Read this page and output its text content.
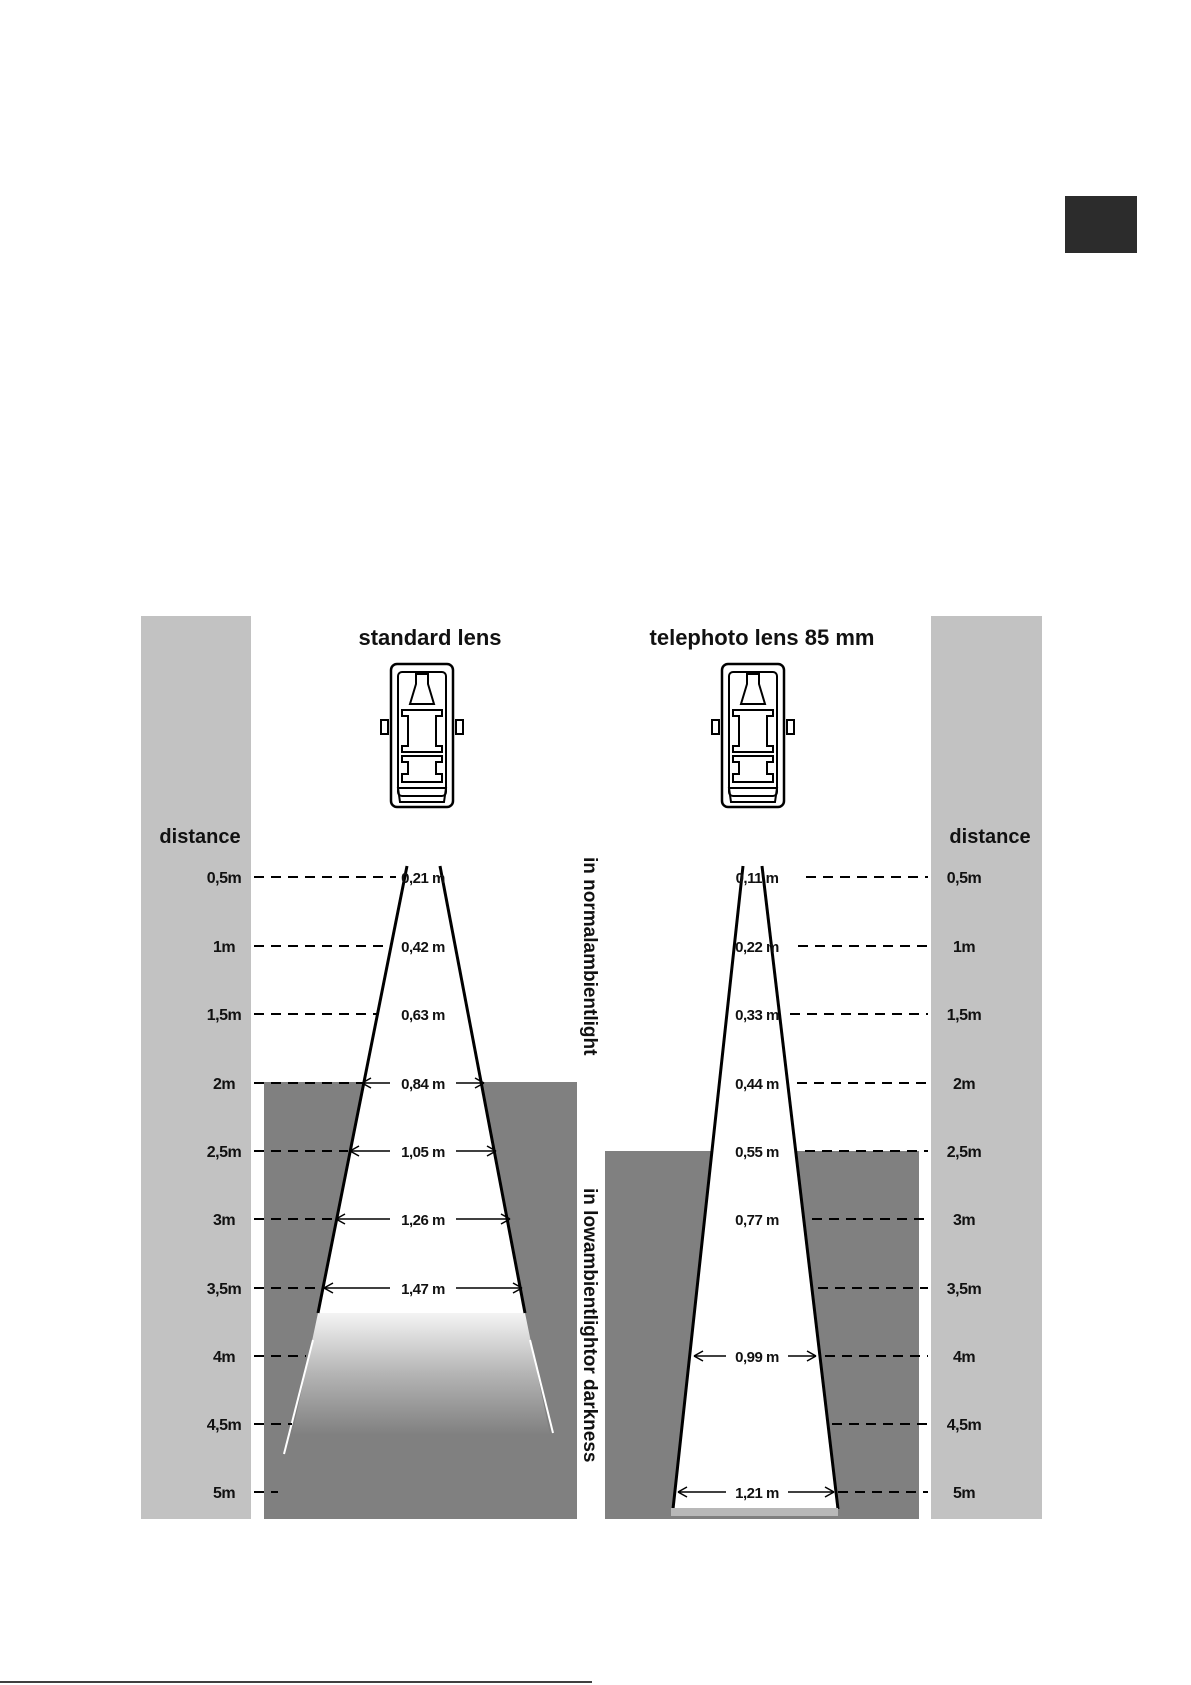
standard lens	telephoto lens 85 mm
distance	distance
0,5m	0,5m
1m	1m
1,5m	1,5m
2m	2m
2,5m	2,5m
3m	3m
3,5m	3,5m
4m	4m
4,5m	4,5m
5m	5m
0,21 m
0,42 m
0,63 m
0,84 m
1,05 m
1,26 m
1,47 m
0,11 m
0,22 m
0,33 m
0,44 m
0,55 m
0,77 m
0,99 m
1,21 m
in normalambientlight
in lowambientlightor darkness
